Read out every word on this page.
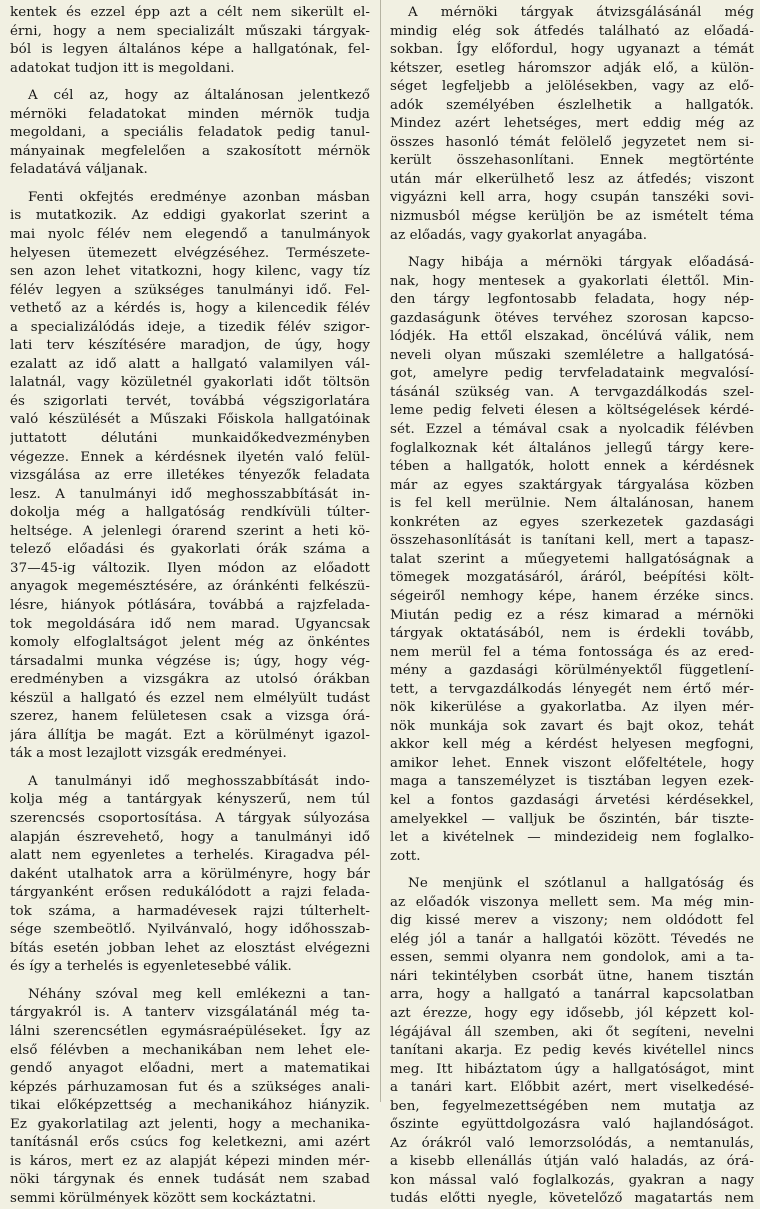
kentek és ezzel épp azt a célt nem sikerült el-
érni, hogy a nem specializált műszaki tárgyak-
ból is legyen általános képe a hallgatónak, fel-
adatokat tudjon itt is megoldani.
A cél az, hogy az általánosan jelentkező
mérnöki feladatokat minden mérnök tudja
megoldani, a speciális feladatok pedig tanul-
mányainak megfelelően a szakosított mérnök
feladatává váljanak.
Fenti okfejtés eredménye azonban másban
is mutatkozik. Az eddigi gyakorlat szerint a
mai nyolc félév nem elegendő a tanulmányok
helyesen ütemezett elvégzéséhez. Természete-
sen azon lehet vitatkozni, hogy kilenc, vagy tíz
félév legyen a szükséges tanulmányi idő. Fel-
vethető az a kérdés is, hogy a kilencedik félév
a specializálódás ideje, a tizedik félév szigor-
lati terv készítésére maradjon, de úgy, hogy
ezalatt az idő alatt a hallgató valamilyen vál-
lalatnál, vagy közületnél gyakorlati időt töltsön
és szigorlati tervét, továbbá végszigorlatára
való készülését a Műszaki Főiskola hallgatóinak
juttatott délutáni munkaidőkedvezményben
végezze. Ennek a kérdésnek ilyetén való felül-
vizsgálása az erre illetékes tényezők feladata
lesz. A tanulmányi idő meghosszabbítását in-
dokolja még a hallgatóság rendkívüli túlter-
heltsége. A jelenlegi órarend szerint a heti kö-
telező előadási és gyakorlati órák száma a
37—45-ig változik. Ilyen módon az előadott
anyagok megemésztésére, az óránkénti felkészü-
lésre, hiányok pótlására, továbbá a rajzfelada-
tok megoldására idő nem marad. Ugyancsak
komoly elfoglaltságot jelent még az önkéntes
társadalmi munka végzése is; úgy, hogy vég-
eredményben a vizsgákra az utolsó órákban
készül a hallgató és ezzel nem elmélyült tudást
szerez, hanem felületesen csak a vizsga órá-
jára állítja be magát. Ezt a körülményt igazol-
ták a most lezajlott vizsgák eredményei.
A tanulmányi idő meghosszabbítását indo-
kolja még a tantárgyak kényszerű, nem túl
szerencsés csoportosítása. A tárgyak súlyozása
alapján észrevehető, hogy a tanulmányi idő
alatt nem egyenletes a terhelés. Kiragadva pél-
daként utalhatok arra a körülményre, hogy bár
tárgyanként erősen redukálódott a rajzi felada-
tok száma, a harmadévesek rajzi túlterhelt-
sége szembeötlő. Nyilvánvaló, hogy időhosszab-
bítás esetén jobban lehet az elosztást elvégezni
és így a terhelés is egyenletesebbé válik.
Néhány szóval meg kell emlékezni a tan-
tárgyakról is. A tanterv vizsgálatánál még ta-
lálni szerencsétlen egymásraépüléseket. Így az
első félévben a mechanikában nem lehet ele-
gendő anyagot előadni, mert a matematikai
képzés párhuzamosan fut és a szükséges anali-
tikai előképzettség a mechanikához hiányzik.
Ez gyakorlatilag azt jelenti, hogy a mechanika-
tanításnál erős csúcs fog keletkezni, ami azért
is káros, mert ez az alapját képezi minden mér-
nöki tárgynak és ennek tudását nem szabad
semmi körülmények között sem kockáztatni.
A mérnöki tárgyak átvizsgálásánál még
mindig elég sok átfedés található az előadá-
sokban. Így előfordul, hogy ugyanazt a témát
kétszer, esetleg háromszor adják elő, a külön-
séget legfeljebb a jelölésekben, vagy az elő-
adók személyében észlelhetik a hallgatók.
Mindez azért lehetséges, mert eddig még az
összes hasonló témát felölelő jegyzetet nem si-
került összehasonlítani. Ennek megtörténte
után már elkerülhető lesz az átfedés; viszont
vigyázni kell arra, hogy csupán tanszéki sovi-
nizmusból mégse kerüljön be az ismételt téma
az előadás, vagy gyakorlat anyagába.
Nagy hibája a mérnöki tárgyak előadásá-
nak, hogy mentesek a gyakorlati élettől. Min-
den tárgy legfontosabb feladata, hogy nép-
gazdaságunk ötéves tervéhez szorosan kapcso-
lódjék. Ha ettől elszakad, öncélúvá válik, nem
neveli olyan műszaki szemléletre a hallgatósá-
got, amelyre pedig tervfeladataink megvalósí-
tásánál szükség van. A tervgazdálkodás szel-
leme pedig felveti élesen a költségelések kérdé-
sét. Ezzel a témával csak a nyolcadik félévben
foglalkoznak két általános jellegű tárgy kere-
tében a hallgatók, holott ennek a kérdésnek
már az egyes szaktárgyak tárgyalása közben
is fel kell merülnie. Nem általánosan, hanem
konkréten az egyes szerkezetek gazdasági
összehasonlítását is tanítani kell, mert a tapasz-
talat szerint a műegyetemi hallgatóságnak a
tömegek mozgatásáról, áráról, beépítési költ-
ségeiről nemhogy képe, hanem érzéke sincs.
Miután pedig ez a rész kimarad a mérnöki
tárgyak oktatásából, nem is érdekli tovább,
nem merül fel a téma fontossága és az ered-
mény a gazdasági körülményektől függetlení-
tett, a tervgazdálkodás lényegét nem értő mér-
nök kikerülése a gyakorlatba. Az ilyen mér-
nök munkája sok zavart és bajt okoz, tehát
akkor kell még a kérdést helyesen megfogni,
amikor lehet. Ennek viszont előfeltétele, hogy
maga a tanszemélyzet is tisztában legyen ezek-
kel a fontos gazdasági árvetési kérdésekkel,
amelyekkel — valljuk be őszintén, bár tiszte-
let a kivételnek — mindezideig nem foglalko-
zott.
Ne menjünk el szótlanul a hallgatóság és
az előadók viszonya mellett sem. Ma még min-
dig kissé merev a viszony; nem oldódott fel
elég jól a tanár a hallgatói között. Tévedés ne
essen, semmi olyanra nem gondolok, ami a ta-
nári tekintélyben csorbát ütne, hanem tisztán
arra, hogy a hallgató a tanárral kapcsolatban
azt érezze, hogy egy idősebb, jól képzett kol-
légájával áll szemben, aki őt segíteni, nevelni
tanítani akarja. Ez pedig kevés kivétellel nincs
meg. Itt hibáztatom úgy a hallgatóságot, mint
a tanári kart. Előbbit azért, mert viselkedésé-
ben, fegyelmezettségében nem mutatja az
őszinte együttdolgozásra való hajlandóságot.
Az órákról való lemorzsolódás, a nemtanulás,
a kisebb ellenállás útján való haladás, az órá-
kon mással való foglalkozás, gyakran a nagy
tudás előtti nyegle, követelőző magatartás nem
